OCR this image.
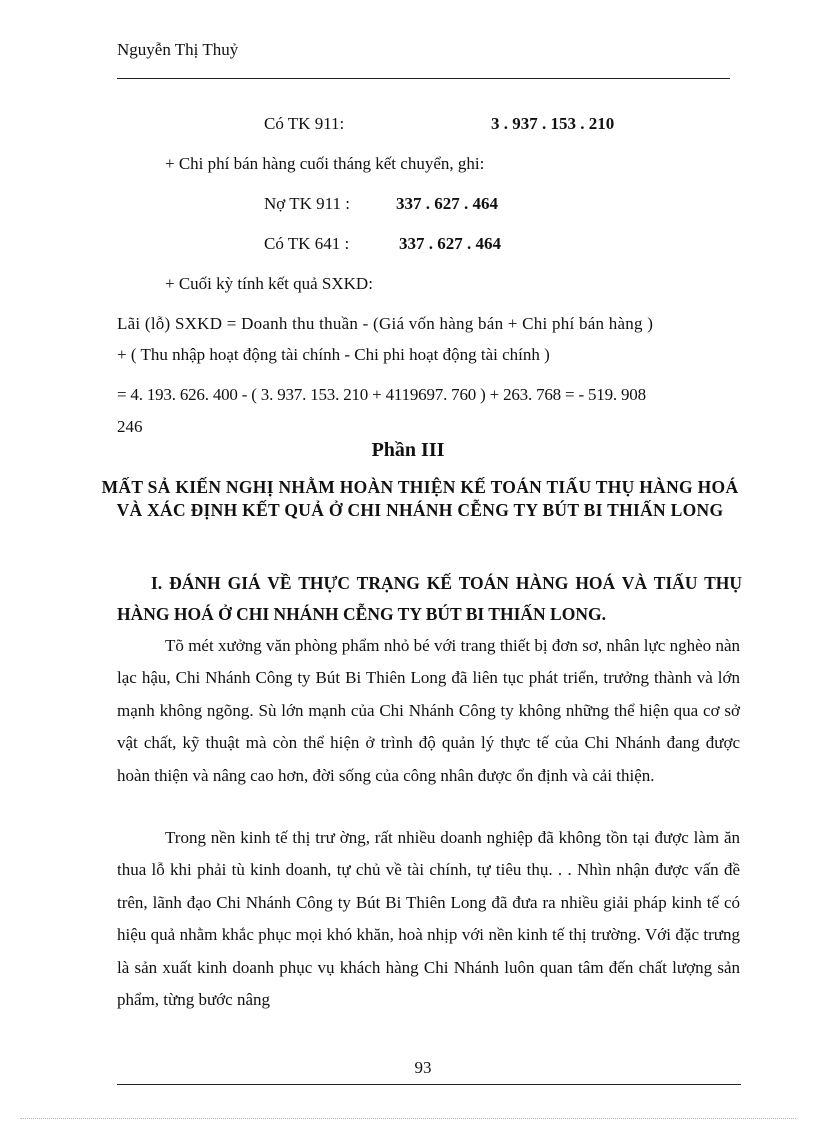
Nguyễn Thị Thuỷ
Có TK 911:	3 . 937 . 153 . 210
+ Chi phí bán hàng cuối tháng kết chuyển, ghi:
Nợ TK 911 :	337 . 627 . 464
Có TK 641 :	337 . 627 . 464
+ Cuối kỳ tính kết quả SXKD:
Lãi (lỗ) SXKD = Doanh thu thuần - (Giá vốn hàng bán + Chi phí bán hàng )
+ ( Thu nhập hoạt động tài chính - Chi phi hoạt động tài chính )
= 4. 193. 626. 400 - ( 3. 937. 153. 210 + 4119697. 760 ) + 263. 768 = - 519. 908
246
Phần III
MẤT SẢ KIẾN NGHỊ NHẰM HOÀN THIỆN KẾ TOÁN TIẤU THỤ HÀNG HOÁ VÀ XÁC ĐỊNH KẾT QUẢ Ở CHI NHÁNH CỄNG TY BÚT BI THIẤN LONG
I. ĐÁNH GIÁ VỀ THỰC TRẠNG KẾ TOÁN HÀNG HOÁ VÀ TIẤU THỤ HÀNG HOÁ Ở CHI NHÁNH CỄNG TY BÚT BI THIẤN LONG.
Tõ mét xưởng văn phòng phẩm nhỏ bé với trang thiết bị đơn sơ, nhân lực nghèo nàn lạc hậu, Chi Nhánh Công ty Bút Bi Thiên Long đã liên tục phát triển, trưởng thành và lớn mạnh không ngõng. Sù lớn mạnh của Chi Nhánh Công ty không những thể hiện qua cơ sở vật chất, kỹ thuật mà còn thể hiện ở trình độ quản lý thực tế của Chi Nhánh đang được hoàn thiện và nâng cao hơn, đời sống của công nhân được ổn định và cải thiện.
Trong nền kinh tế thị trư ờng, rất nhiều doanh nghiệp đã không tồn tại được làm ăn thua lỗ khi phải tù kinh doanh, tự chủ về tài chính, tự tiêu thụ. . . Nhìn nhận được vấn đề trên, lãnh đạo Chi Nhánh Công ty Bút Bi Thiên Long đã đưa ra nhiều giải pháp kinh tế có hiệu quả nhằm khắc phục mọi khó khăn, hoà nhịp với nền kinh tế thị trường. Với đặc trưng là sản xuất kinh doanh phục vụ khách hàng Chi Nhánh luôn quan tâm đến chất lượng sản phẩm, từng bước nâng
93
